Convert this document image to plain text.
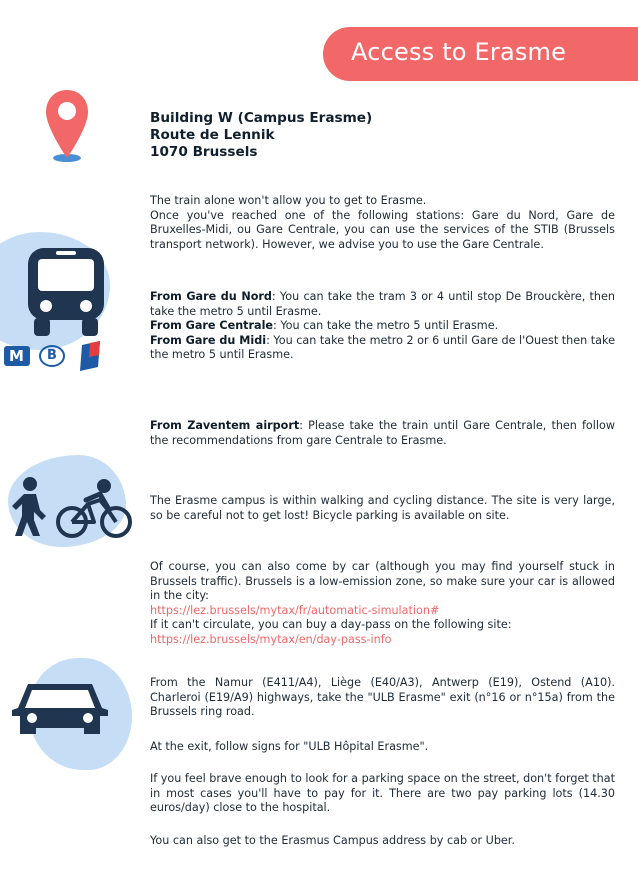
Access to Erasme
Building W (Campus Erasme)
Route de Lennik
1070 Brussels

The train alone won't allow you to get to Erasme.

Once you've reached one of the following stations: Gare du Nord, Gare de Bruxelles-Midi, ou Gare Centrale, you can use the services of the STIB (Brussels transport network). However, we advise you to use the Gare Centrale.

M B

From Gare du Nord: You can take the tram 3 or 4 until stop De Brouckère, then take the metro 5 until Erasme.

From Gare Centrale: You can take the metro 5 until Erasme.

From Gare du Midi: You can take the metro 2 or 6 until Gare de l'Ouest then take the metro 5 until Erasme.

From Zaventem airport: Please take the train until Gare Centrale, then follow the recommendations from gare Centrale to Erasme.

The Erasme campus is within walking and cycling distance. The site is very large, so be careful not to get lost! Bicycle parking is available on site.

Of course, you can also come by car (although you may find yourself stuck in Brussels traffic). Brussels is a low-emission zone, so make sure your car is allowed in the city:

https://lez.brussels/mytax/fr/automatic-simulation#

If it can't circulate, you can buy a day-pass on the following site:

https://lez.brussels/mytax/en/day-pass-info

From the Namur (E411/A4), Liège (E40/A3), Antwerp (E19), Ostend (A10). Charleroi (E19/A9) highways, take the "ULB Erasme" exit (n°16 or n°15a) from the Brussels ring road.

At the exit, follow signs for "ULB Hôpital Erasme".

If you feel brave enough to look for a parking space on the street, don't forget that in most cases you'll have to pay for it. There are two pay parking lots (14.30 euros/day) close to the hospital.

You can also get to the Erasmus Campus address by cab or Uber.
